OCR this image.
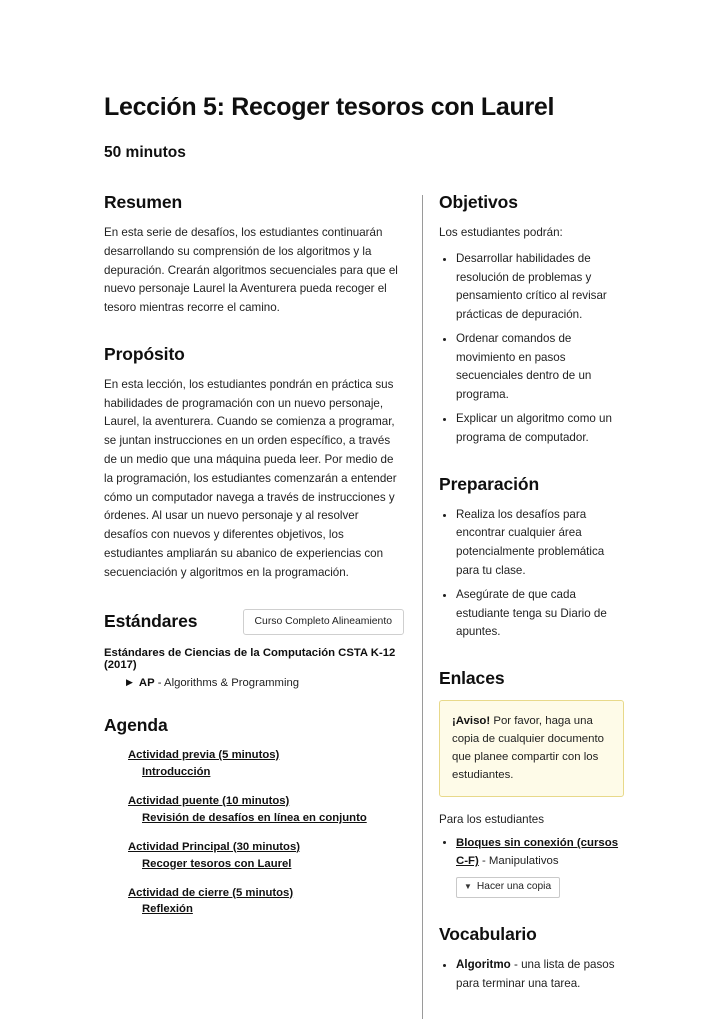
Lección 5: Recoger tesoros con Laurel
50 minutos
Resumen

En esta serie de desafíos, los estudiantes continuarán desarrollando su comprensión de los algoritmos y la depuración. Crearán algoritmos secuenciales para que el nuevo personaje Laurel la Aventurera pueda recoger el tesoro mientras recorre el camino.

Propósito

En esta lección, los estudiantes pondrán en práctica sus habilidades de programación con un nuevo personaje, Laurel, la aventurera. Cuando se comienza a programar, se juntan instrucciones en un orden específico, a través de un medio que una máquina pueda leer. Por medio de la programación, los estudiantes comenzarán a entender cómo un computador navega a través de instrucciones y órdenes. Al usar un nuevo personaje y al resolver desafíos con nuevos y diferentes objetivos, los estudiantes ampliarán su abanico de experiencias con secuenciación y algoritmos en la programación.

Estándares	Curso Completo Alineamiento
Estándares de Ciencias de la Computación CSTA K-12 (2017)
▶ AP - Algorithms & Programming
Agenda
Actividad previa (5 minutos)
Introducción
Actividad puente (10 minutos)
Revisión de desafíos en línea en conjunto
Actividad Principal (30 minutos)
Recoger tesoros con Laurel
Actividad de cierre (5 minutos)
Reflexión
Objetivos

Los estudiantes podrán:

• Desarrollar habilidades de resolución de problemas y pensamiento crítico al revisar prácticas de depuración.
• Ordenar comandos de movimiento en pasos secuenciales dentro de un programa.
• Explicar un algoritmo como un programa de computador.
Preparación
• Realiza los desafíos para encontrar cualquier área potencialmente problemática para tu clase.
• Asegúrate de que cada estudiante tenga su Diario de apuntes.
Enlaces
¡Aviso! Por favor, haga una copia de cualquier documento que planee compartir con los estudiantes.

Para los estudiantes

• Bloques sin conexión (cursos C-F) - Manipulativos
▼ Hacer una copia
Vocabulario
• Algoritmo - una lista de pasos para terminar una tarea.
